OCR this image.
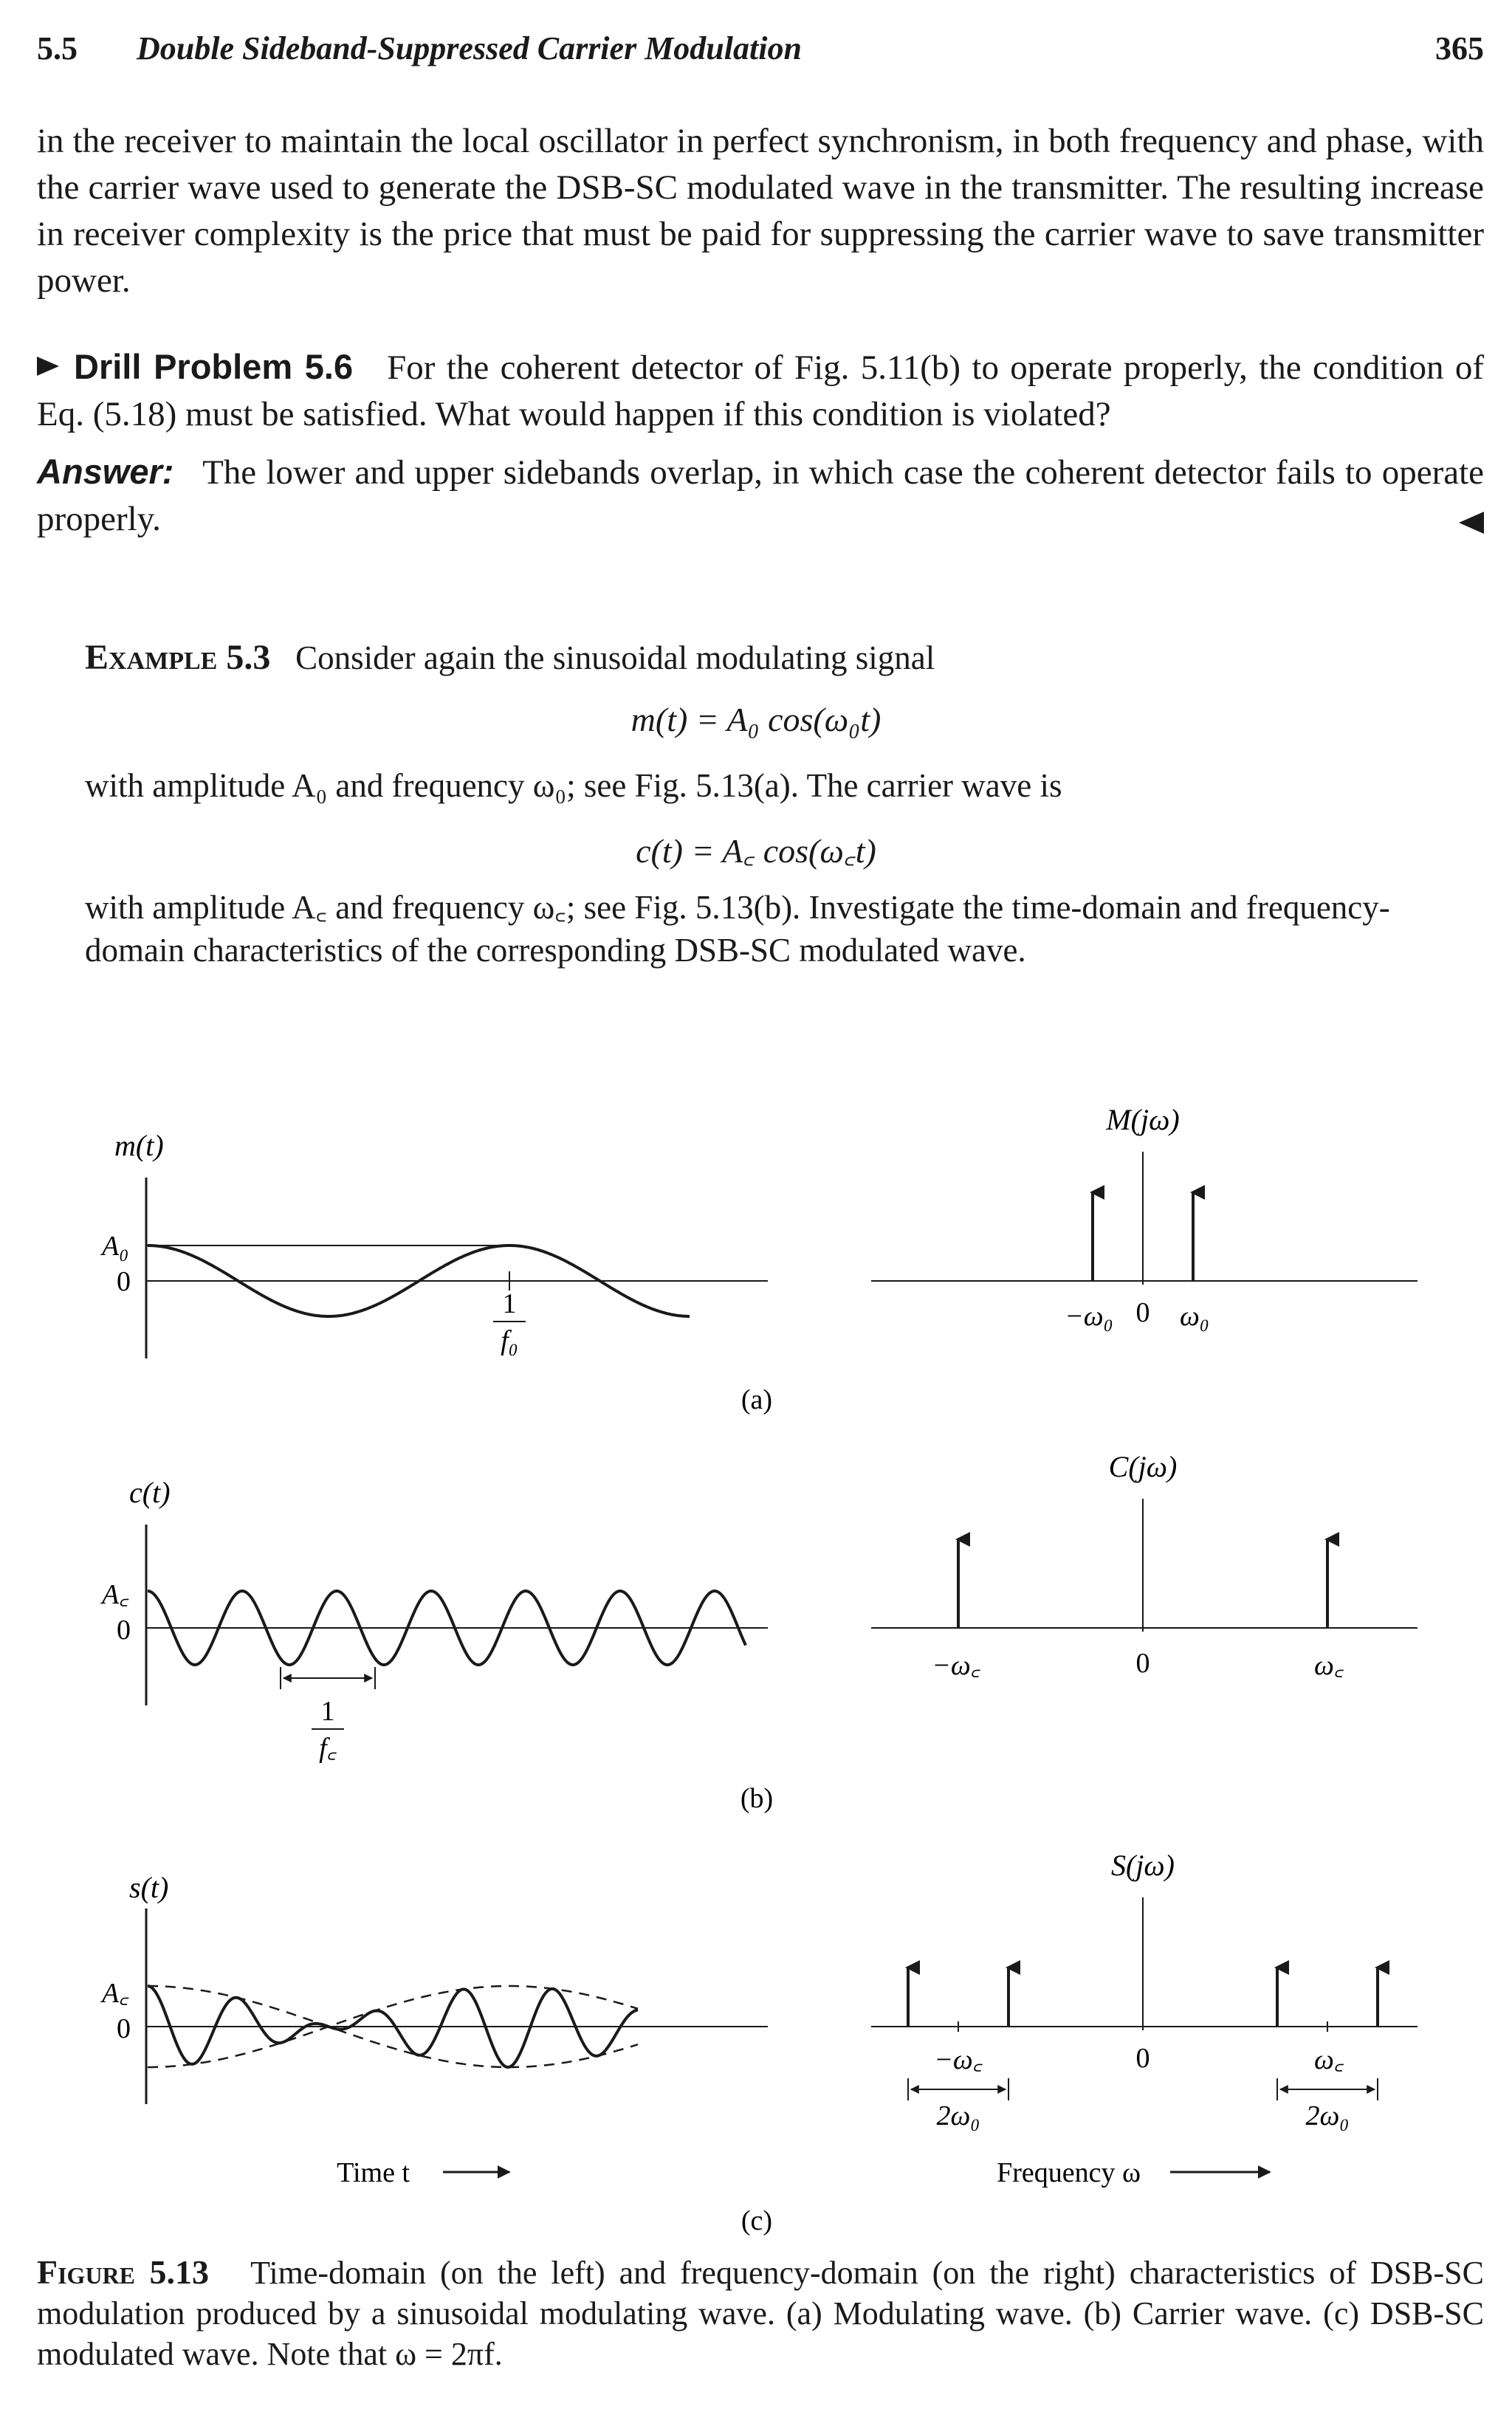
5.5 Double Sideband-Suppressed Carrier Modulation	365

in the receiver to maintain the local oscillator in perfect synchronism, in both frequency and phase, with the carrier wave used to generate the DSB-SC modulated wave in the transmitter. The resulting increase in receiver complexity is the price that must be paid for suppressing the carrier wave to save transmitter power.

Drill Problem 5.6 For the coherent detector of Fig. 5.11(b) to operate properly, the condition of Eq. (5.18) must be satisfied. What would happen if this condition is violated?
Answer: The lower and upper sidebands overlap, in which case the coherent detector fails to operate properly.
Example 5.3 Consider again the sinusoidal modulating signal
m(t) = A₀ cos(ω₀t)
with amplitude A₀ and frequency ω₀; see Fig. 5.13(a). The carrier wave is
c(t) = A꜀ cos(ω꜀t)
with amplitude A꜀ and frequency ω꜀; see Fig. 5.13(b). Investigate the time-domain and frequency-domain characteristics of the corresponding DSB-SC modulated wave.
m(t)
A₀
0
1
f₀
M(jω)
−ω₀ 0 ω₀
(a)
c(t)
A꜀
0
1
f꜀
C(jω)
−ω꜀	0	ω꜀
(b)
s(t)
A꜀
0
Time t
S(jω)
−ω꜀	0	ω꜀
2ω₀	2ω₀
Frequency ω
(c)
Figure 5.13 Time-domain (on the left) and frequency-domain (on the right) characteristics of DSB-SC modulation produced by a sinusoidal modulating wave. (a) Modulating wave. (b) Carrier wave. (c) DSB-SC modulated wave. Note that ω = 2πf.
